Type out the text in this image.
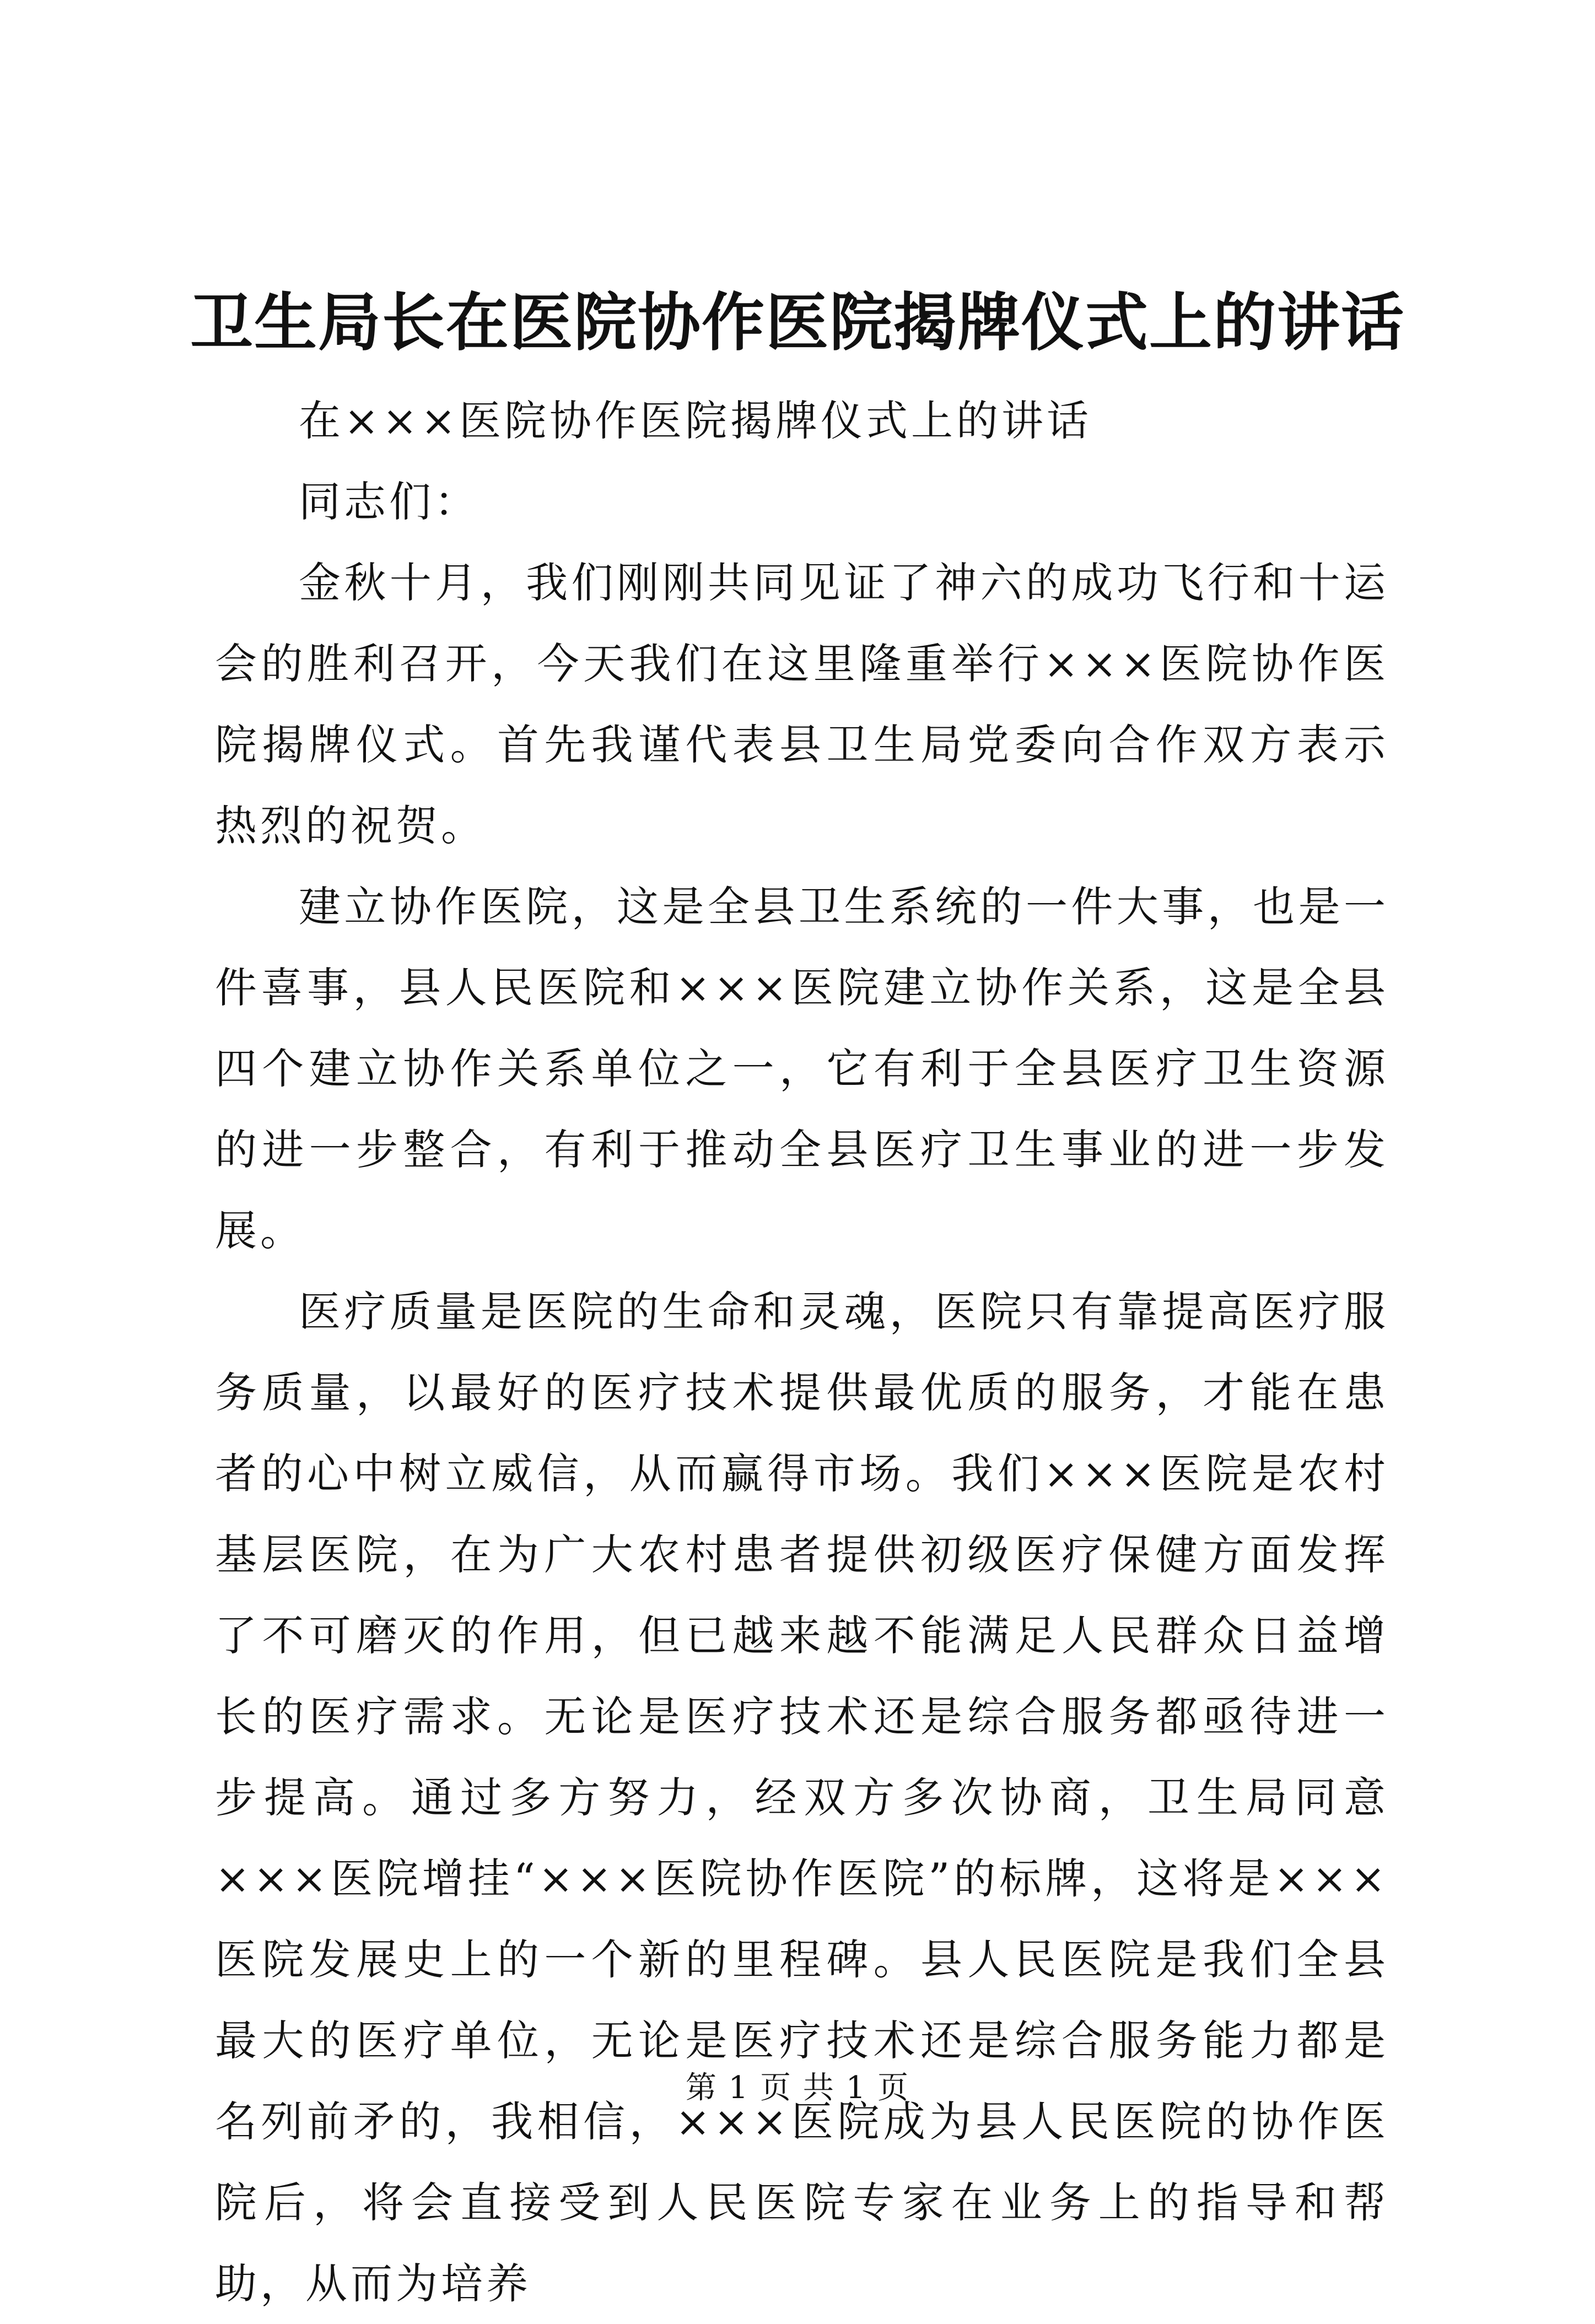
卫生局长在医院协作医院揭牌仪式上的讲话

在×××医院协作医院揭牌仪式上的讲话

同志们：

金秋十月，我们刚刚共同见证了神六的成功飞行和十运会的胜利召开，今天我们在这里隆重举行×××医院协作医院揭牌仪式。首先我谨代表县卫生局党委向合作双方表示热烈的祝贺。

建立协作医院，这是全县卫生系统的一件大事，也是一件喜事，县人民医院和×××医院建立协作关系，这是全县四个建立协作关系单位之一，它有利于全县医疗卫生资源的进一步整合，有利于推动全县医疗卫生事业的进一步发展。

医疗质量是医院的生命和灵魂，医院只有靠提高医疗服务质量，以最好的医疗技术提供最优质的服务，才能在患者的心中树立威信，从而赢得市场。我们×××医院是农村基层医院，在为广大农村患者提供初级医疗保健方面发挥了不可磨灭的作用，但已越来越不能满足人民群众日益增长的医疗需求。无论是医疗技术还是综合服务都亟待进一步提高。通过多方努力，经双方多次协商，卫生局同意×××医院增挂“×××医院协作医院”的标牌，这将是×××医院发展史上的一个新的里程碑。县人民医院是我们全县最大的医疗单位，无论是医疗技术还是综合服务能力都是名列前矛的，我相信，×××医院成为县人民医院的协作医院后，将会直接受到人民医院专家在业务上的指导和帮助，从而为培养

第 1 页 共 1 页
